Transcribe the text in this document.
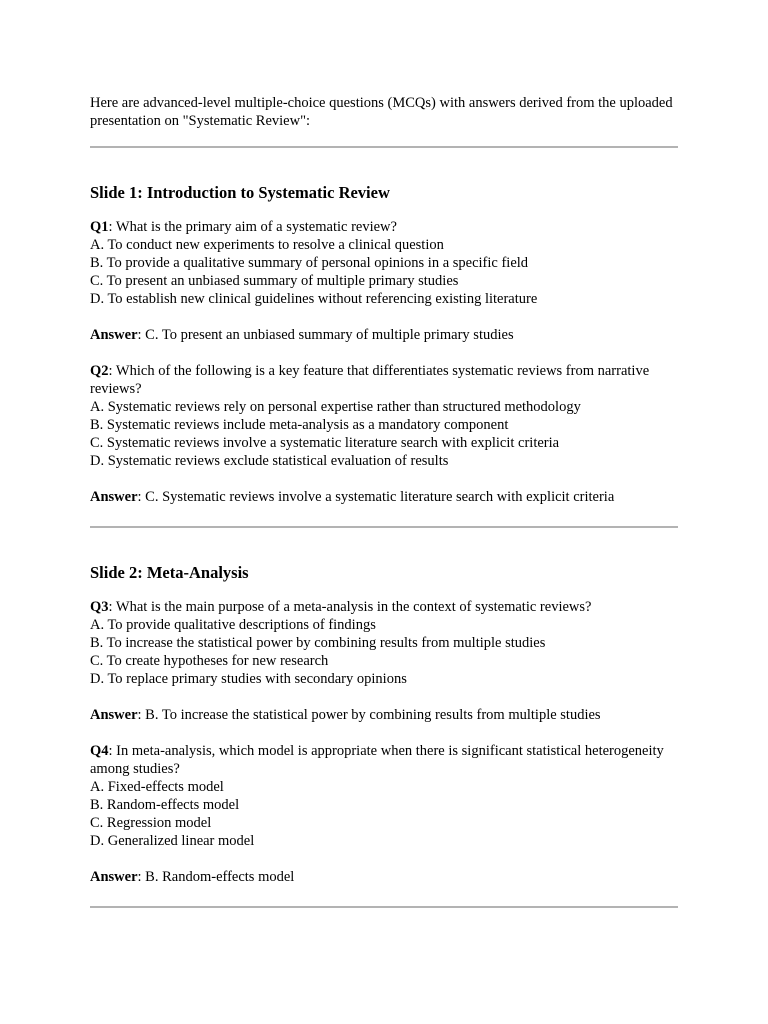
Here are advanced-level multiple-choice questions (MCQs) with answers derived from the uploaded presentation on "Systematic Review":

Slide 1: Introduction to Systematic Review

Q1: What is the primary aim of a systematic review?

A. To conduct new experiments to resolve a clinical question

B. To provide a qualitative summary of personal opinions in a specific field

C. To present an unbiased summary of multiple primary studies

D. To establish new clinical guidelines without referencing existing literature

Answer: C. To present an unbiased summary of multiple primary studies

Q2: Which of the following is a key feature that differentiates systematic reviews from narrative reviews?

A. Systematic reviews rely on personal expertise rather than structured methodology

B. Systematic reviews include meta-analysis as a mandatory component

C. Systematic reviews involve a systematic literature search with explicit criteria

D. Systematic reviews exclude statistical evaluation of results

Answer: C. Systematic reviews involve a systematic literature search with explicit criteria

Slide 2: Meta-Analysis

Q3: What is the main purpose of a meta-analysis in the context of systematic reviews?

A. To provide qualitative descriptions of findings

B. To increase the statistical power by combining results from multiple studies

C. To create hypotheses for new research

D. To replace primary studies with secondary opinions

Answer: B. To increase the statistical power by combining results from multiple studies

Q4: In meta-analysis, which model is appropriate when there is significant statistical heterogeneity among studies?

A. Fixed-effects model

B. Random-effects model

C. Regression model

D. Generalized linear model

Answer: B. Random-effects model
